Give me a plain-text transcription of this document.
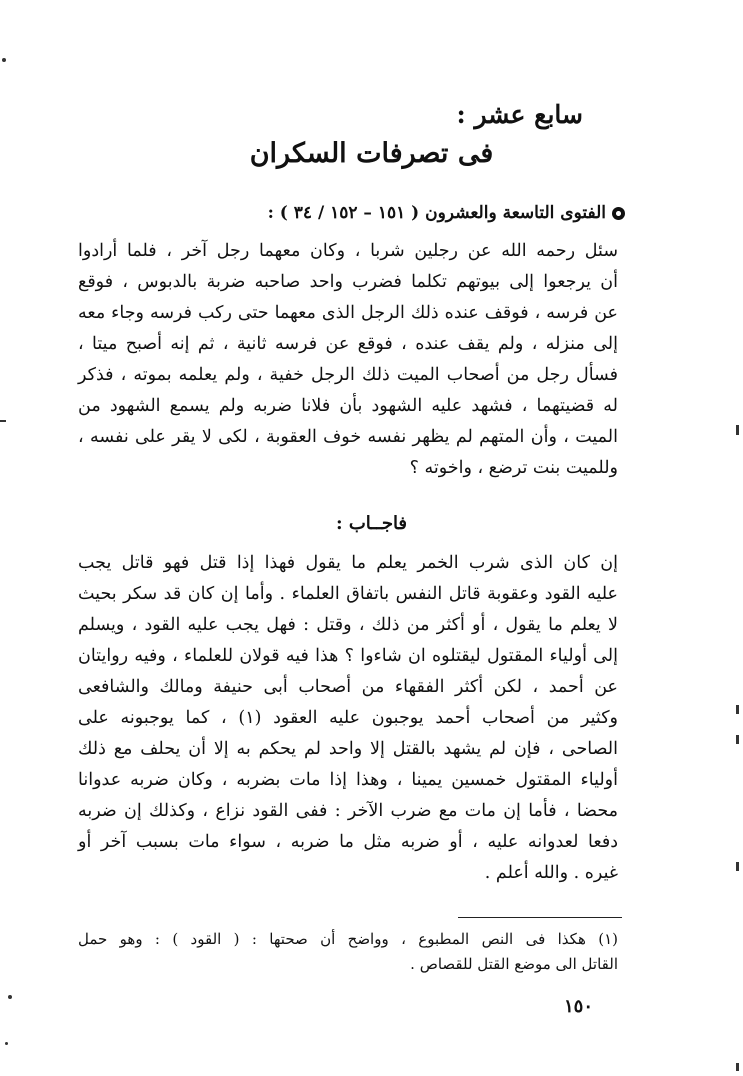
سابع عشر :
فى تصرفات السكران
الفتوى التاسعة والعشرون ( ١٥١ – ١٥٢ / ٣٤ ) :
سئل رحمه الله عن رجلين شربا ، وكان معهما رجل آخر ، فلما أرادوا
أن يرجعوا إلى بيوتهم تكلما فضرب واحد صاحبه ضربة بالدبوس ، فوقع
عن فرسه ، فوقف عنده ذلك الرجل الذى معهما حتى ركب فرسه وجاء معه
إلى منزله ، ولم يقف عنده ، فوقع عن فرسه ثانية ، ثم إنه أصبح ميتا ،
فسأل رجل من أصحاب الميت ذلك الرجل خفية ، ولم يعلمه بموته ، فذكر
له قضيتهما ، فشهد عليه الشهود بأن فلانا ضربه ولم يسمع الشهود من
الميت ، وأن المتهم لم يظهر نفسه خوف العقوبة ، لكى لا يقر على نفسه ،
وللميت بنت ترضع ، واخوته ؟
فاجــاب :
إن كان الذى شرب الخمر يعلم ما يقول فهذا إذا قتل فهو قاتل يجب
عليه القود وعقوبة قاتل النفس باتفاق العلماء . وأما إن كان قد سكر بحيث
لا يعلم ما يقول ، أو أكثر من ذلك ، وقتل : فهل يجب عليه القود ، ويسلم
إلى أولياء المقتول ليقتلوه ان شاءوا ؟ هذا فيه قولان للعلماء ، وفيه روايتان
عن أحمد ، لكن أكثر الفقهاء من أصحاب أبى حنيفة ومالك والشافعى
وكثير من أصحاب أحمد يوجبون عليه العقود (١) ، كما يوجبونه على
الصاحى ، فإن لم يشهد بالقتل إلا واحد لم يحكم به إلا أن يحلف مع ذلك
أولياء المقتول خمسين يمينا ، وهذا إذا مات بضربه ، وكان ضربه عدوانا
محضا ، فأما إن مات مع ضرب الآخر : ففى القود نزاع ، وكذلك إن ضربه
دفعا لعدوانه عليه ، أو ضربه مثل ما ضربه ، سواء مات بسبب آخر أو
غيره . والله أعلم .
(١) هكذا فى النص المطبوع ، وواضح أن صحتها : ( القود ) : وهو حمل
القاتل الى موضع القتل للقصاص .
١٥٠
